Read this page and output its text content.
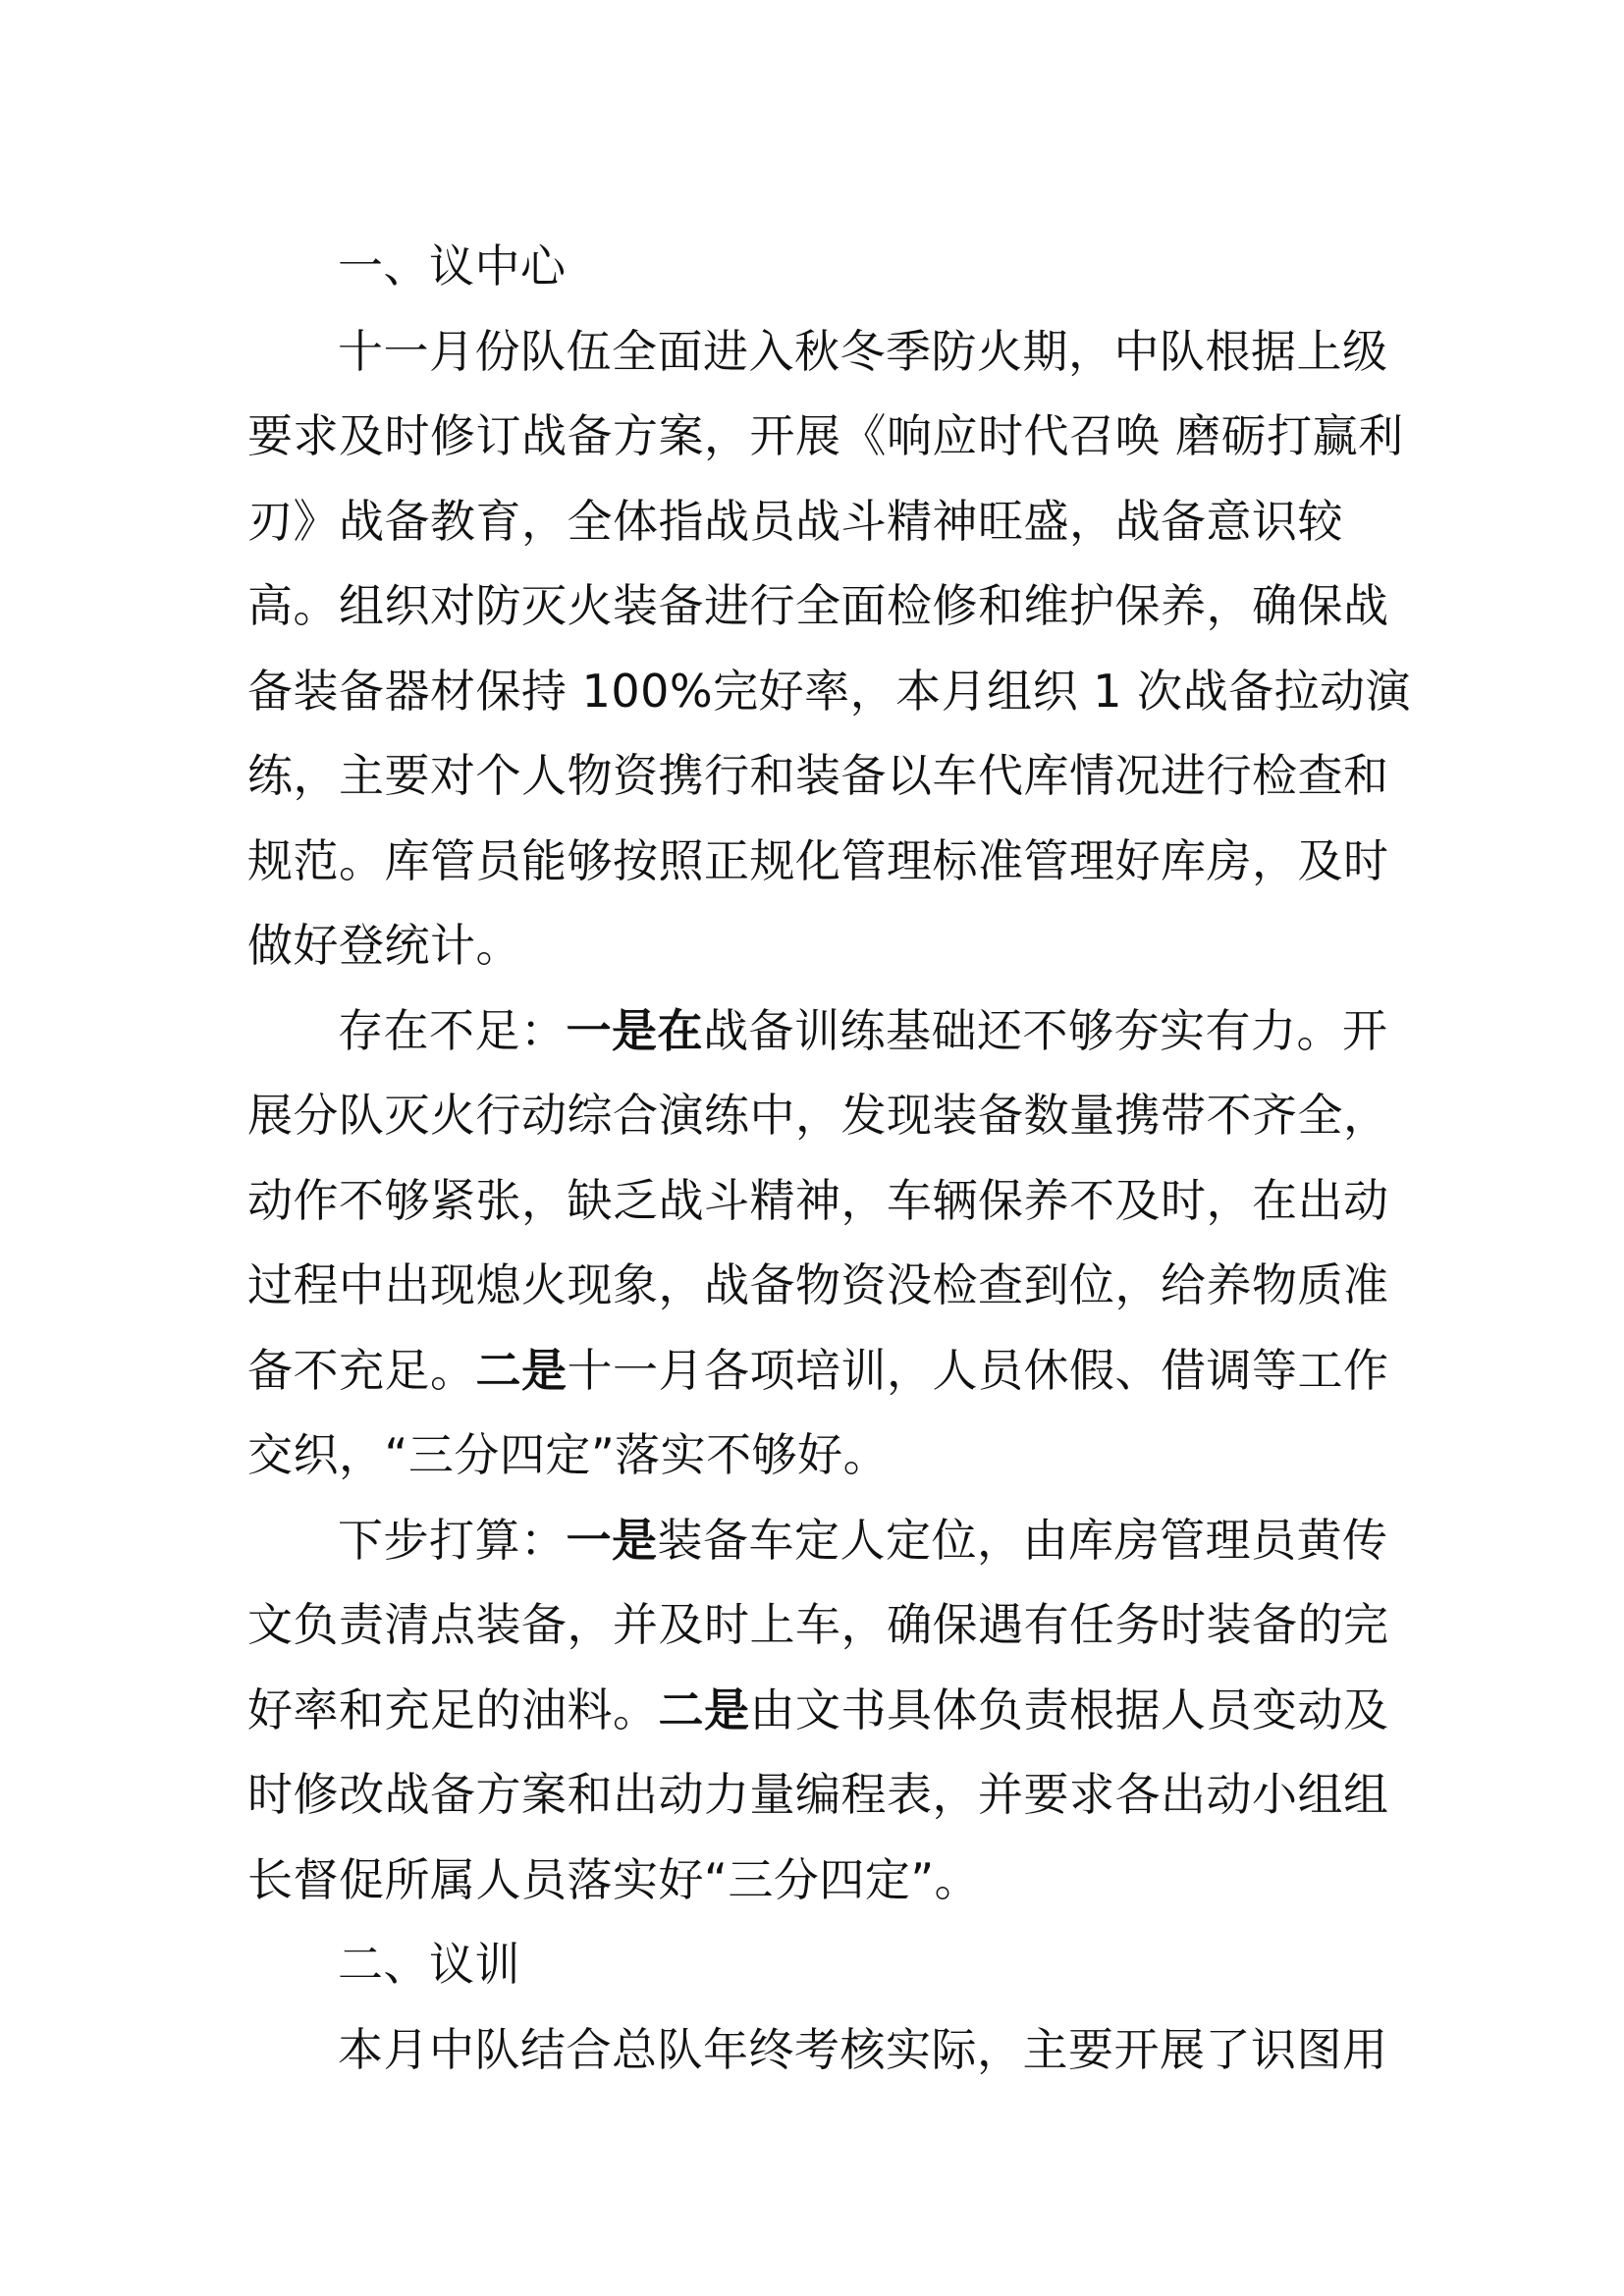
一、议中心
十一月份队伍全面进入秋冬季防火期，中队根据上级
要求及时修订战备方案，开展《响应时代召唤 磨砺打赢利
刃》战备教育，全体指战员战斗精神旺盛，战备意识较
高。组织对防灭火装备进行全面检修和维护保养，确保战
备装备器材保持 100%完好率，本月组织 1 次战备拉动演
练，主要对个人物资携行和装备以车代库情况进行检查和
规范。库管员能够按照正规化管理标准管理好库房，及时
做好登统计。
存在不足：一是在战备训练基础还不够夯实有力。开
展分队灭火行动综合演练中，发现装备数量携带不齐全，
动作不够紧张，缺乏战斗精神，车辆保养不及时，在出动
过程中出现熄火现象，战备物资没检查到位，给养物质准
备不充足。二是十一月各项培训，人员休假、借调等工作
交织，“三分四定”落实不够好。
下步打算：一是装备车定人定位，由库房管理员黄传
文负责清点装备，并及时上车，确保遇有任务时装备的完
好率和充足的油料。二是由文书具体负责根据人员变动及
时修改战备方案和出动力量编程表，并要求各出动小组组
长督促所属人员落实好“三分四定”。
二、议训
本月中队结合总队年终考核实际，主要开展了识图用
